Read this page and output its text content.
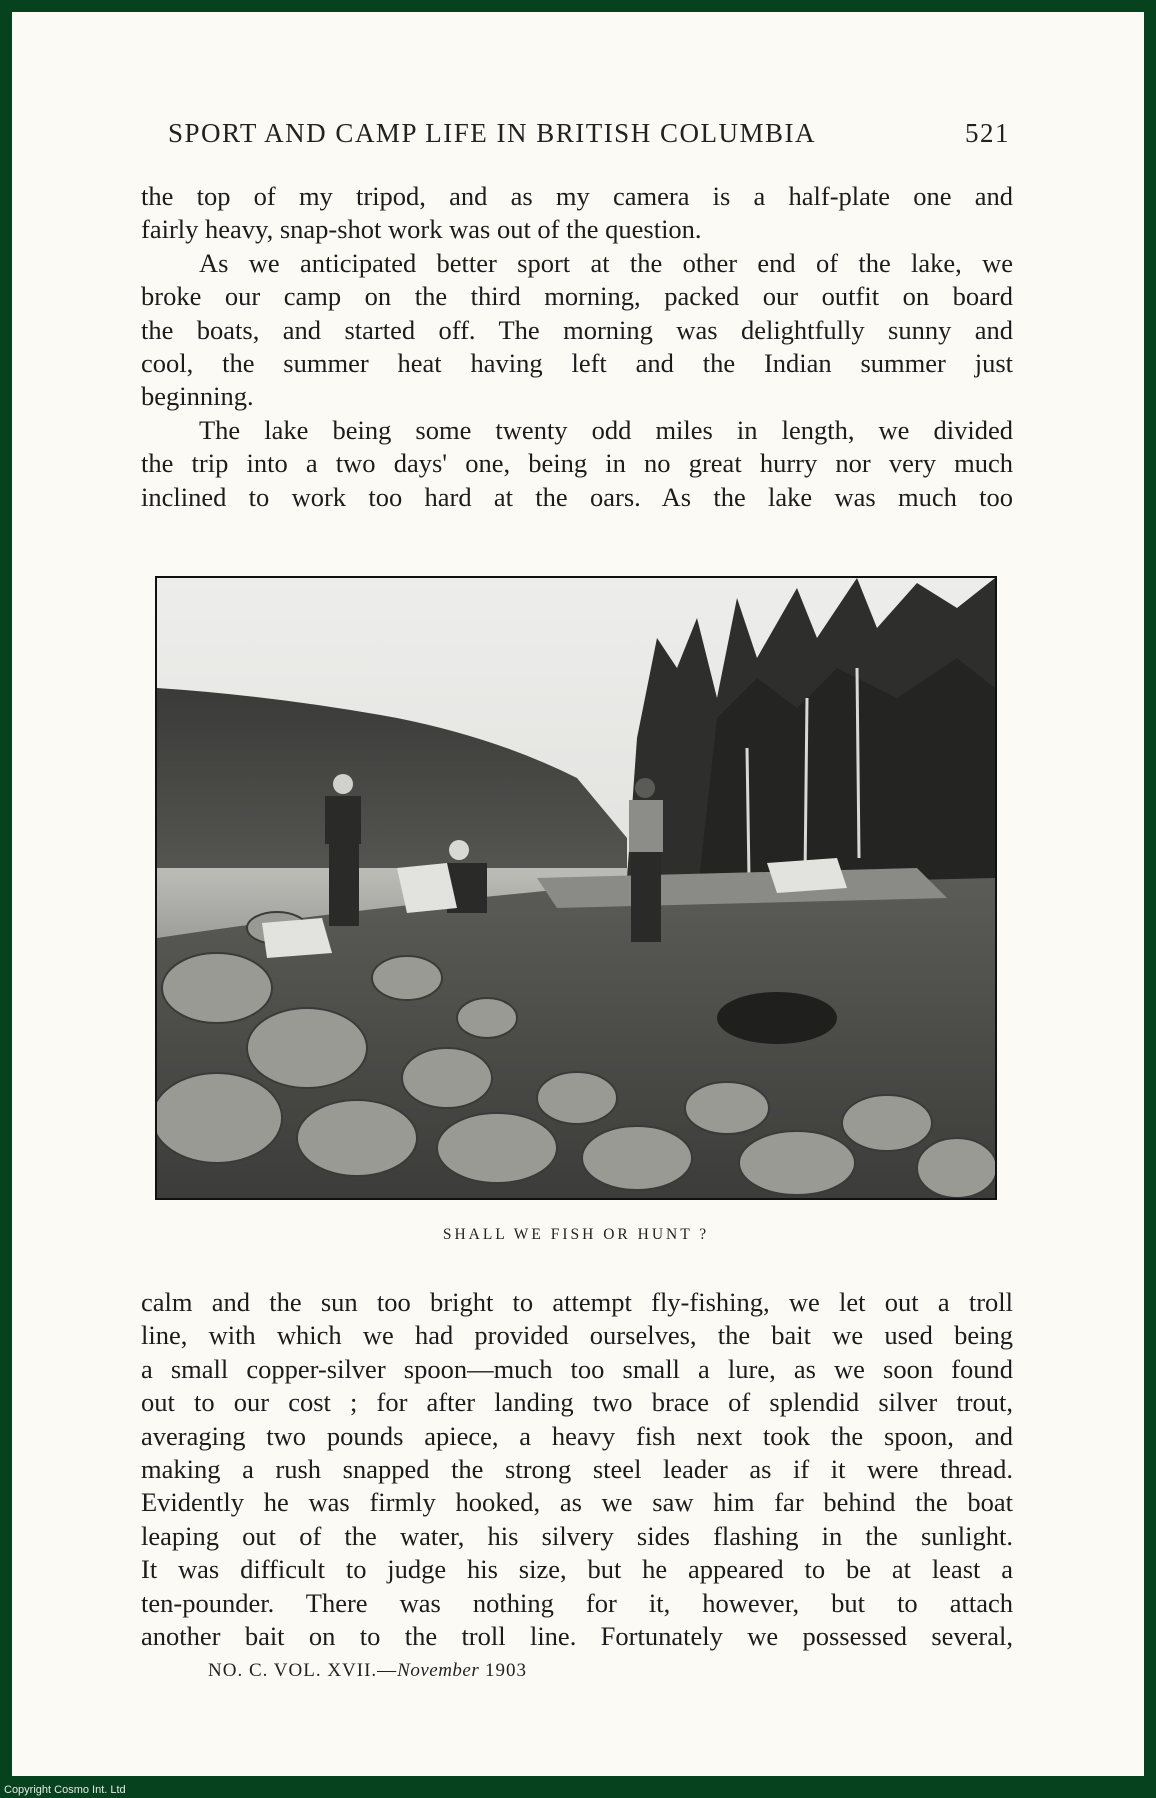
SPORT AND CAMP LIFE IN BRITISH COLUMBIA	521
the top of my tripod, and as my camera is a half-plate one and
fairly heavy, snap-shot work was out of the question.
As we anticipated better sport at the other end of the lake, we
broke our camp on the third morning, packed our outfit on board
the boats, and started off. The morning was delightfully sunny and
cool, the summer heat having left and the Indian summer just
beginning.
The lake being some twenty odd miles in length, we divided
the trip into a two days' one, being in no great hurry nor very much
inclined to work too hard at the oars. As the lake was much too
SHALL WE FISH OR HUNT ?
calm and the sun too bright to attempt fly-fishing, we let out a troll
line, with which we had provided ourselves, the bait we used being
a small copper-silver spoon—much too small a lure, as we soon found
out to our cost ; for after landing two brace of splendid silver trout,
averaging two pounds apiece, a heavy fish next took the spoon, and
making a rush snapped the strong steel leader as if it were thread.
Evidently he was firmly hooked, as we saw him far behind the boat
leaping out of the water, his silvery sides flashing in the sunlight.
It was difficult to judge his size, but he appeared to be at least a
ten-pounder. There was nothing for it, however, but to attach
another bait on to the troll line. Fortunately we possessed several,
NO. C. VOL. XVII.—November 1903
Copyright Cosmo Int. Ltd
